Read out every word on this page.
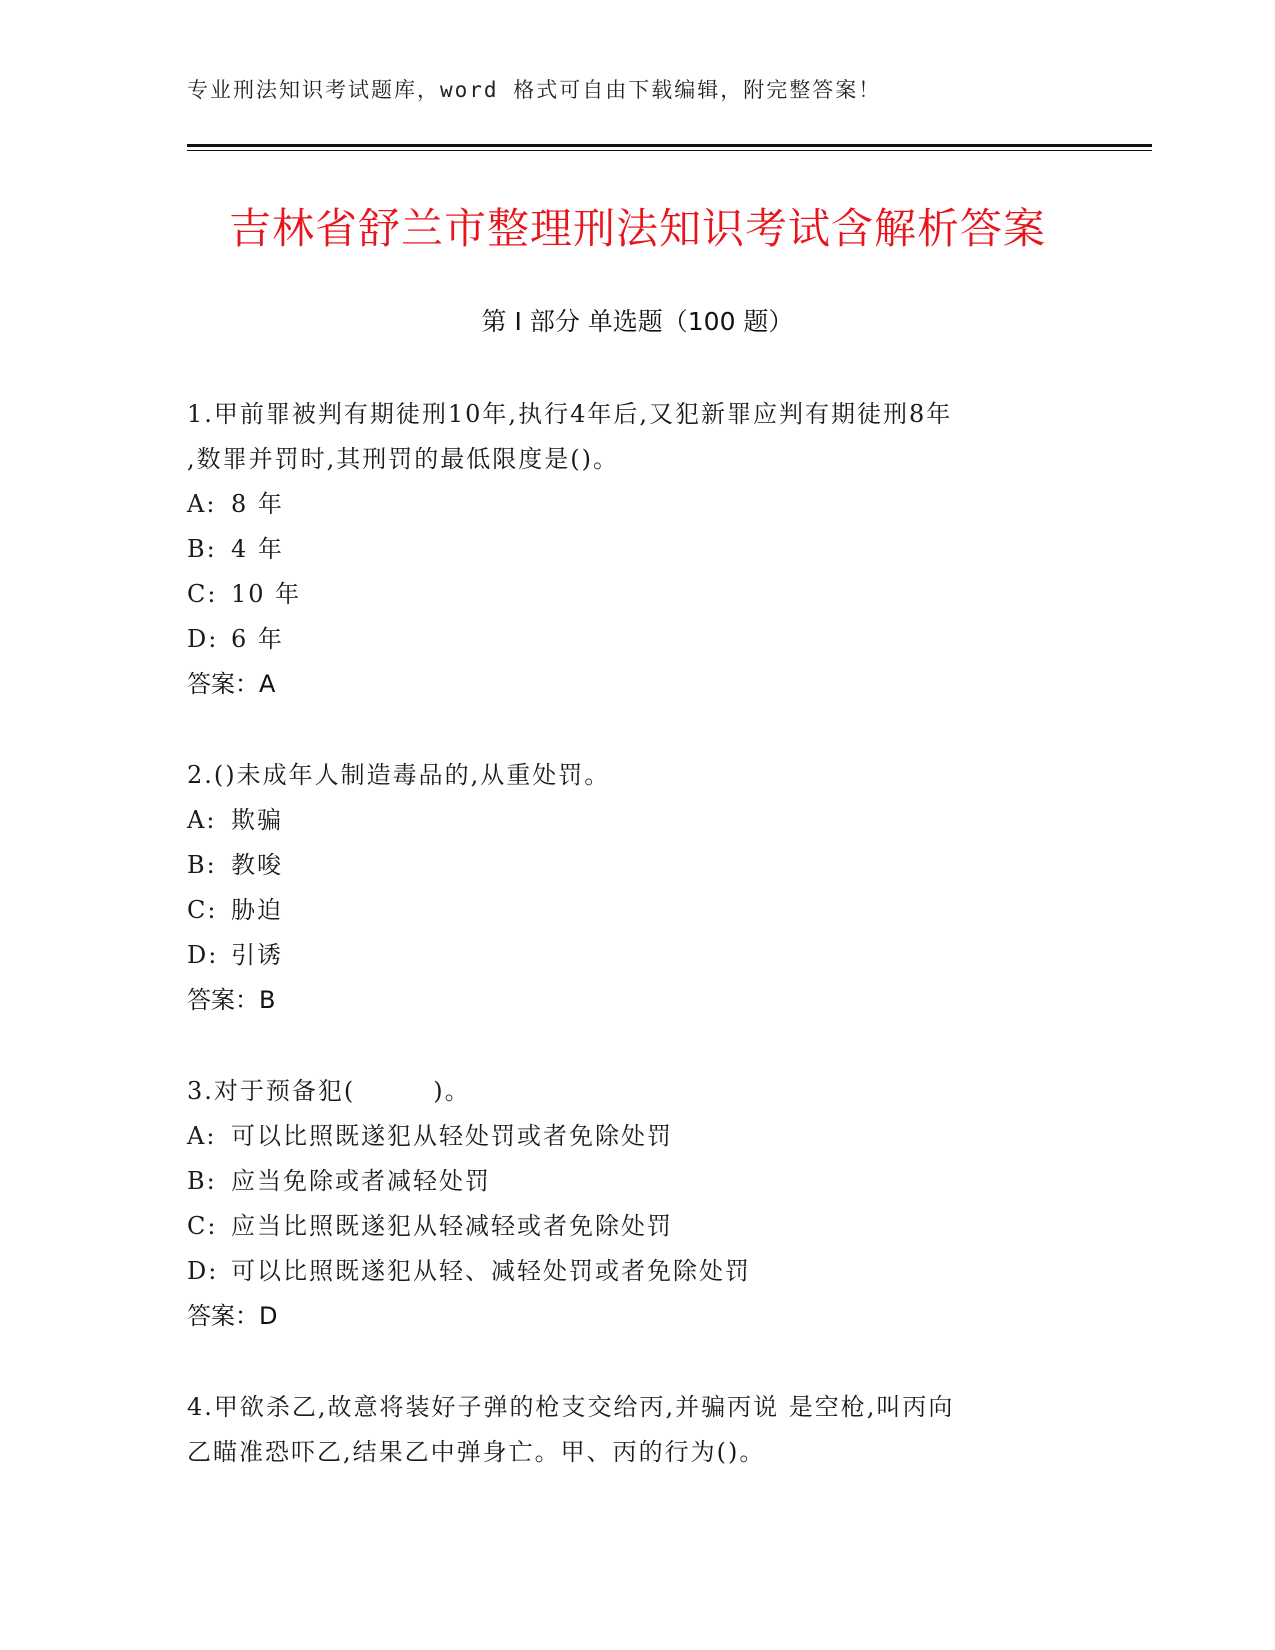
专业刑法知识考试题库，word 格式可自由下载编辑，附完整答案！
吉林省舒兰市整理刑法知识考试含解析答案
第 I 部分 单选题（100 题）
1.甲前罪被判有期徒刑10年,执行4年后,又犯新罪应判有期徒刑8年
,数罪并罚时,其刑罚的最低限度是()。
A: 8 年
B: 4 年
C: 10 年
D: 6 年
答案：A
2.()未成年人制造毒品的,从重处罚。
A: 欺骗
B: 教唆
C: 胁迫
D: 引诱
答案：B
3.对于预备犯(　　　)。
A: 可以比照既遂犯从轻处罚或者免除处罚
B: 应当免除或者减轻处罚
C: 应当比照既遂犯从轻减轻或者免除处罚
D: 可以比照既遂犯从轻、减轻处罚或者免除处罚
答案：D
4.甲欲杀乙,故意将装好子弹的枪支交给丙,并骗丙说 是空枪,叫丙向
乙瞄准恐吓乙,结果乙中弹身亡。甲、丙的行为()。
